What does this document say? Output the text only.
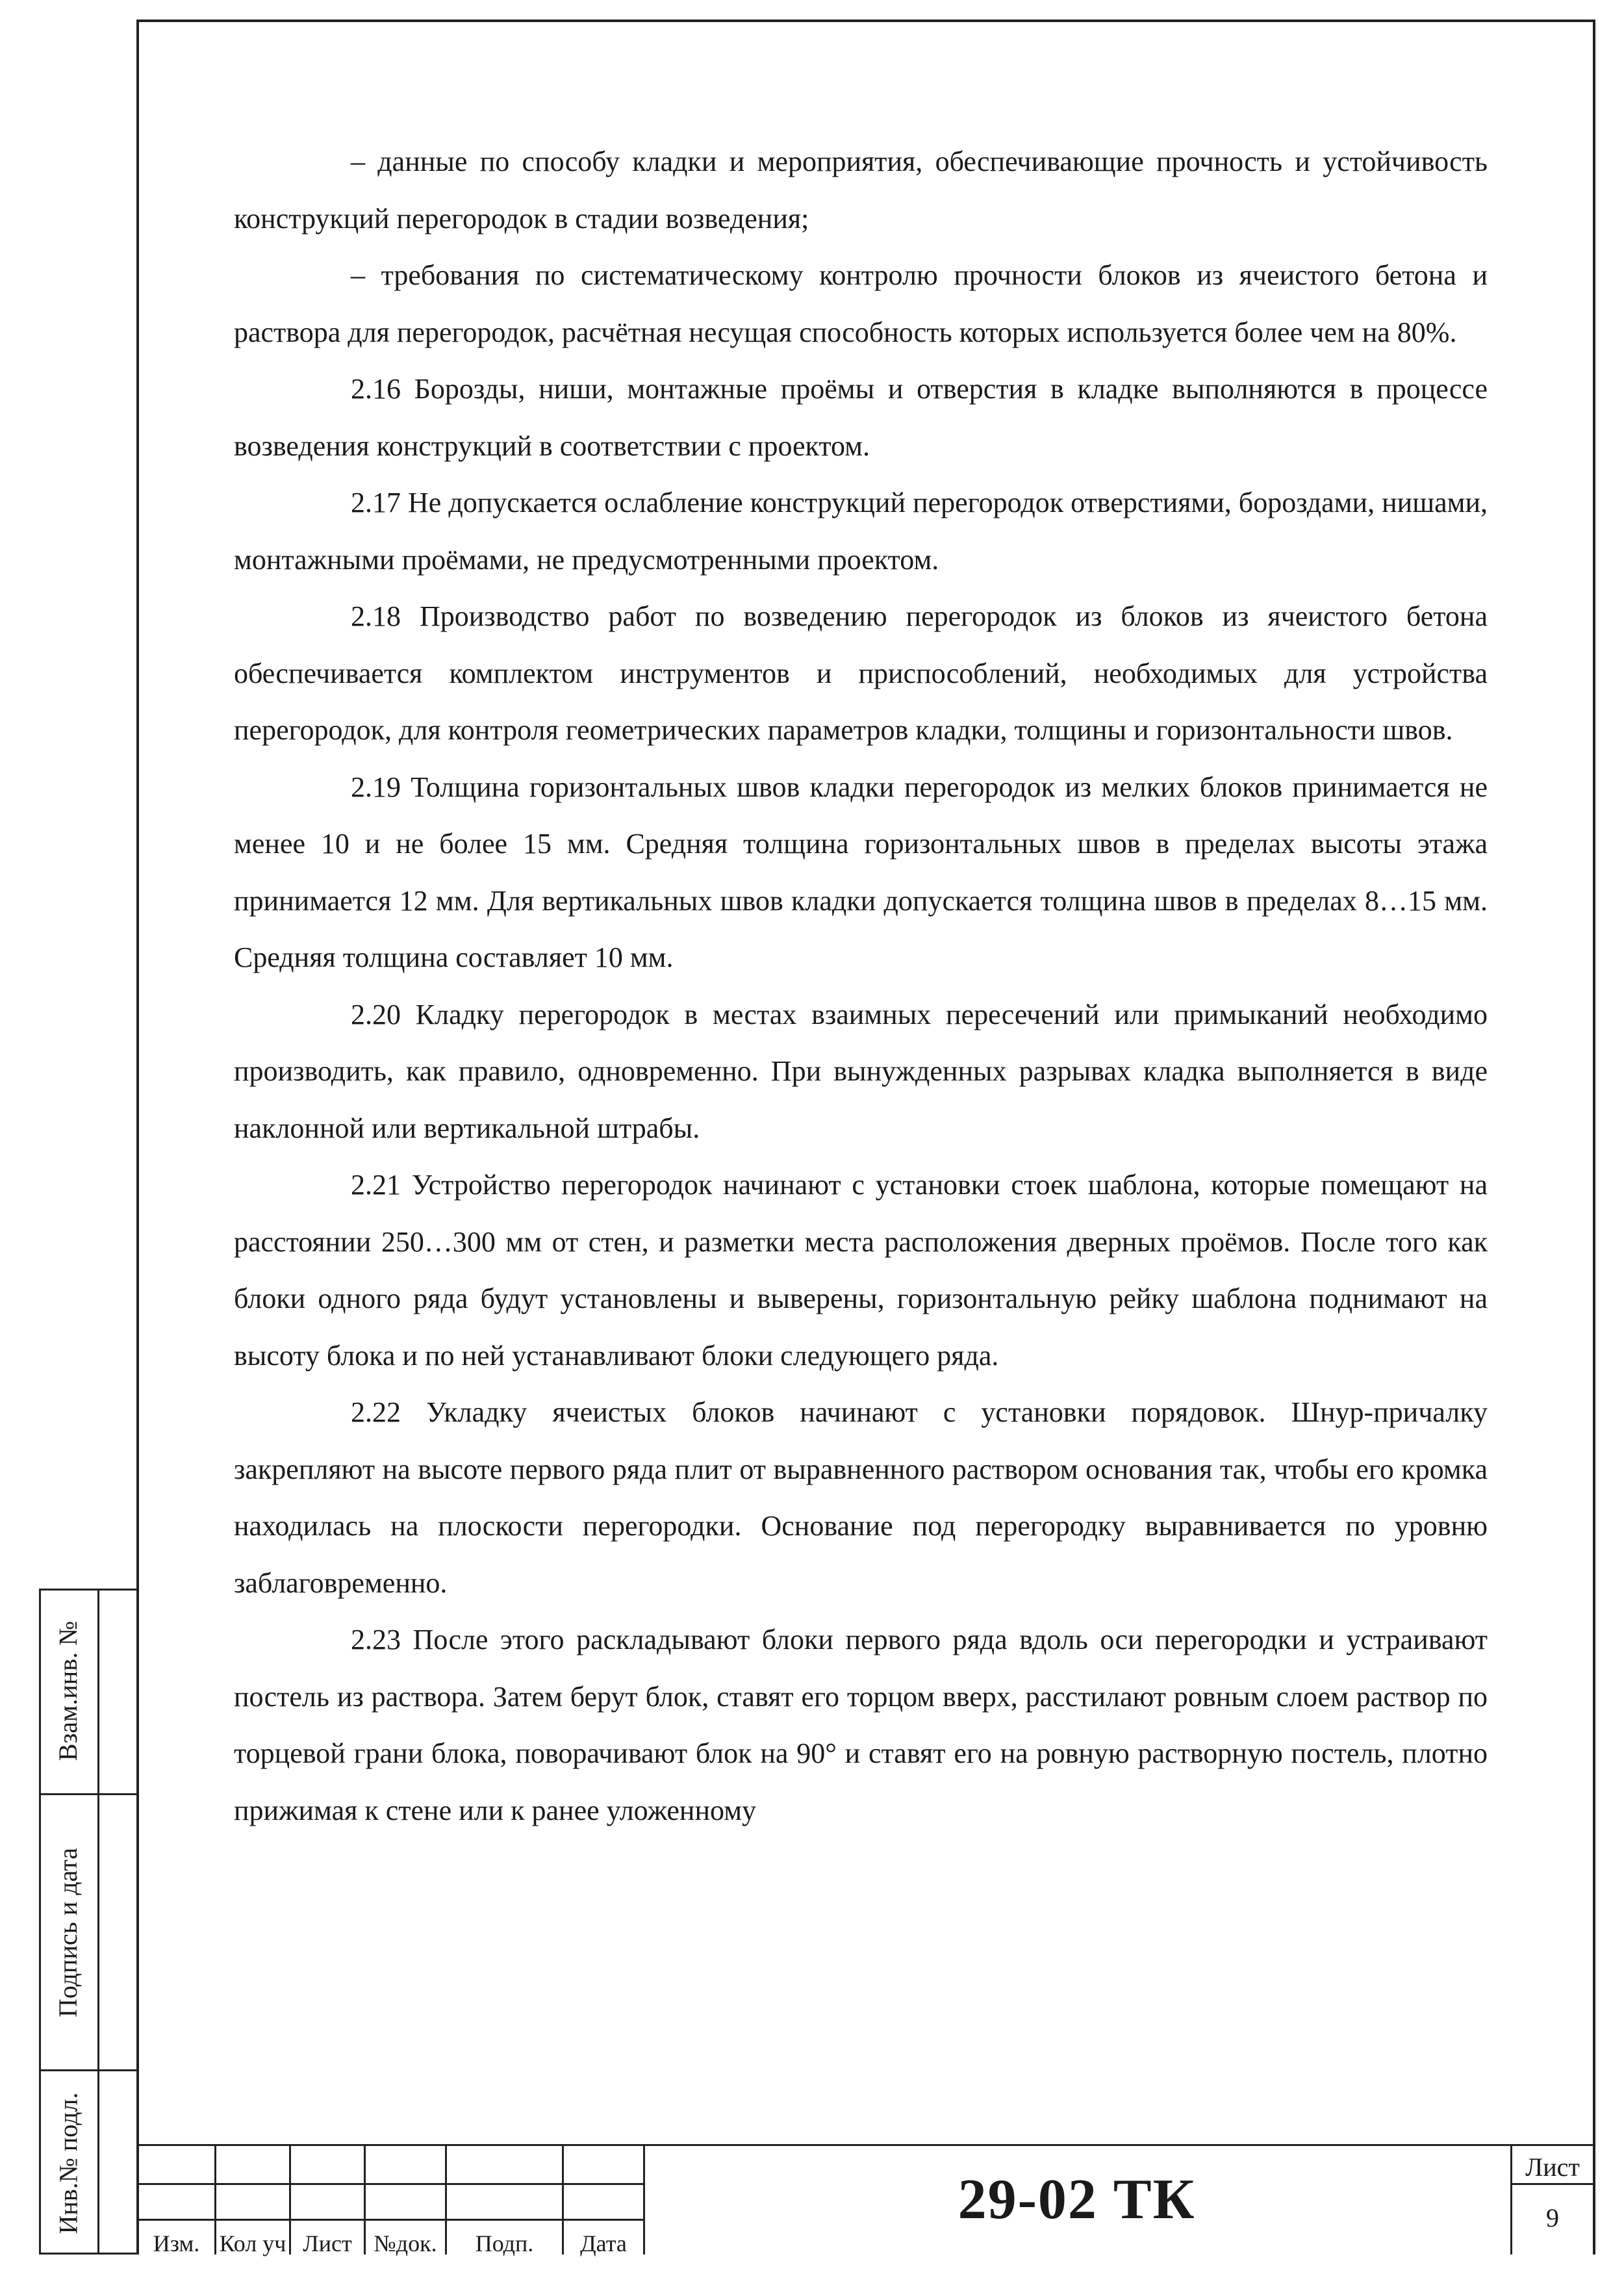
– данные по способу кладки и мероприятия, обеспечивающие прочность и устойчивость конструкций перегородок в стадии возведения;

– требования по систематическому контролю прочности блоков из ячеистого бетона и раствора для перегородок, расчётная несущая способность которых используется более чем на 80%.

2.16 Борозды, ниши, монтажные проёмы и отверстия в кладке выполняются в процессе возведения конструкций в соответствии с проектом.

2.17 Не допускается ослабление конструкций перегородок отверстиями, бороздами, нишами, монтажными проёмами, не предусмотренными проектом.

2.18 Производство работ по возведению перегородок из блоков из ячеистого бетона обеспечивается комплектом инструментов и приспособлений, необходимых для устройства перегородок, для контроля геометрических параметров кладки, толщины и горизонтальности швов.

2.19 Толщина горизонтальных швов кладки перегородок из мелких блоков принимается не менее 10 и не более 15 мм. Средняя толщина горизонтальных швов в пределах высоты этажа принимается 12 мм. Для вертикальных швов кладки допускается толщина швов в пределах 8…15 мм. Средняя толщина составляет 10 мм.

2.20 Кладку перегородок в местах взаимных пересечений или примыканий необходимо производить, как правило, одновременно. При вынужденных разрывах кладка выполняется в виде наклонной или вертикальной штрабы.

2.21 Устройство перегородок начинают с установки стоек шаблона, которые помещают на расстоянии 250…300 мм от стен, и разметки места расположения дверных проёмов. После того как блоки одного ряда будут установлены и выверены, горизонтальную рейку шаблона поднимают на высоту блока и по ней устанавливают блоки следующего ряда.

2.22 Укладку ячеистых блоков начинают с установки порядовок. Шнур-причалку закрепляют на высоте первого ряда плит от выравненного раствором основания так, чтобы его кромка находилась на плоскости перегородки. Основание под перегородку выравнивается по уровню заблаговременно.

2.23 После этого раскладывают блоки первого ряда вдоль оси перегородки и устраивают постель из раствора. Затем берут блок, ставят его торцом вверх, расстилают ровным слоем раствор по торцевой грани блока, поворачивают блок на 90° и ставят его на ровную растворную постель, плотно прижимая к стене или к ранее уложенному

Взам.инв. №
Подпись и дата
Инв.№ подл.
Изм. Кол уч Лист №док.	Подп.	Дата
29-02 ТК
Лист
9
